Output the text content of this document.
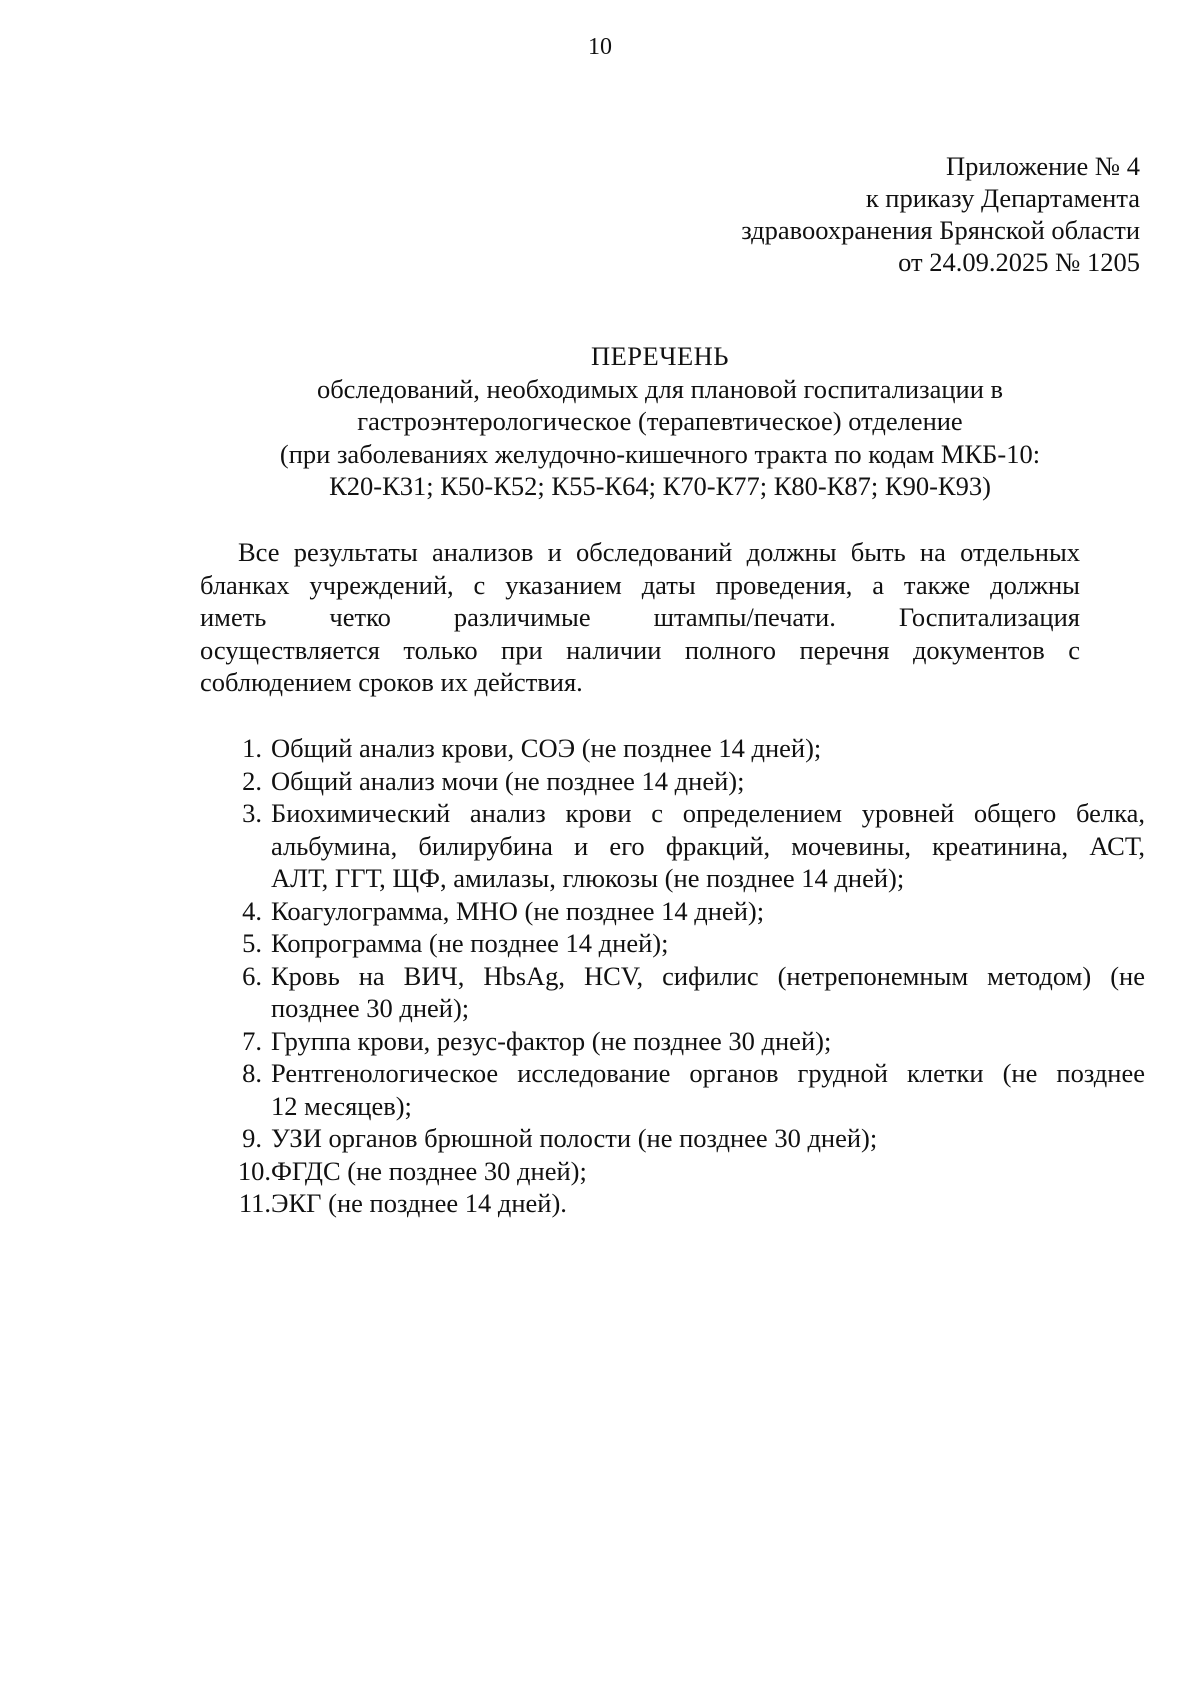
10
Приложение № 4
к приказу Департамента
здравоохранения Брянской области
от 24.09.2025 № 1205
ПЕРЕЧЕНЬ
обследований, необходимых для плановой госпитализации в
гастроэнтерологическое (терапевтическое) отделение
(при заболеваниях желудочно-кишечного тракта по кодам МКБ-10:
К20-К31; К50-К52; К55-К64; К70-К77; К80-К87; К90-К93)
Все результаты анализов и обследований должны быть на отдельных
бланках учреждений, с указанием даты проведения, а также должны
иметь четко различимые штампы/печати. Госпитализация
осуществляется только при наличии полного перечня документов с
соблюдением сроков их действия.
1. Общий анализ крови, СОЭ (не позднее 14 дней);
2. Общий анализ мочи (не позднее 14 дней);
3. Биохимический анализ крови с определением уровней общего белка,
альбумина, билирубина и его фракций, мочевины, креатинина, АСТ,
АЛТ, ГГТ, ЩФ, амилазы, глюкозы (не позднее 14 дней);
4. Коагулограмма, МНО (не позднее 14 дней);
5. Копрограмма (не позднее 14 дней);
6. Кровь на ВИЧ, HbsAg, HCV, сифилис (нетрепонемным методом) (не
позднее 30 дней);
7. Группа крови, резус-фактор (не позднее 30 дней);
8. Рентгенологическое исследование органов грудной клетки (не позднее
12 месяцев);
9. УЗИ органов брюшной полости (не позднее 30 дней);
10. ФГДС (не позднее 30 дней);
11. ЭКГ (не позднее 14 дней).
